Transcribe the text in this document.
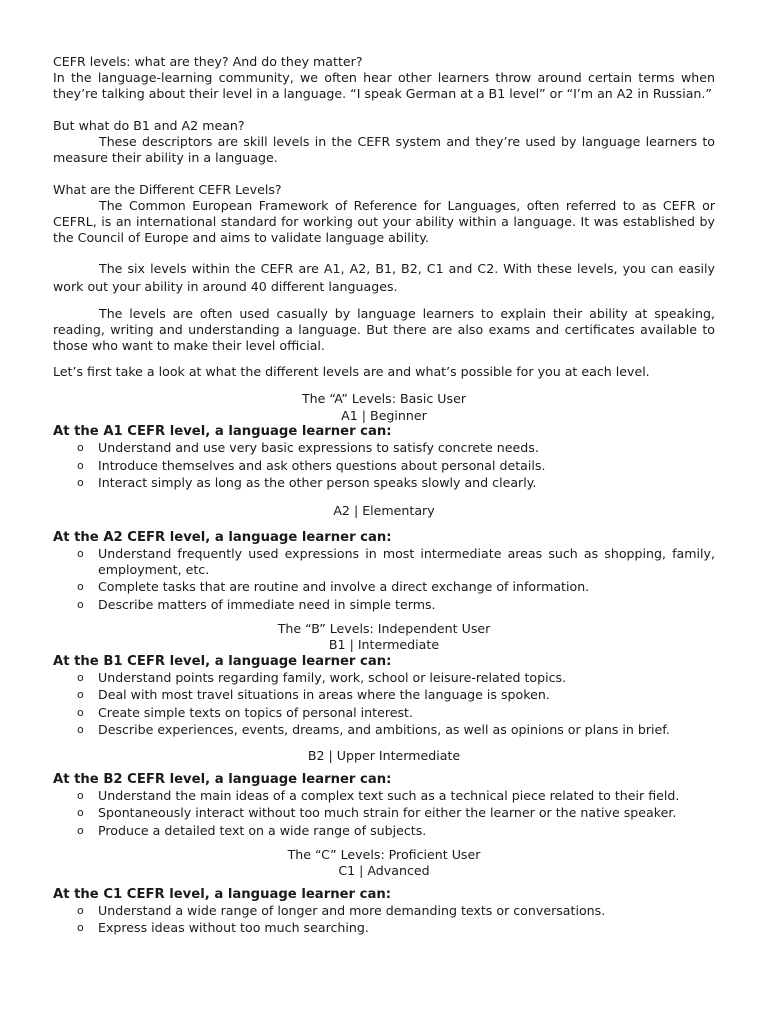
CEFR levels: what are they? And do they matter?

In the language-learning community, we often hear other learners throw around certain terms when they’re talking about their level in a language. “I speak German at a B1 level” or “I’m an A2 in Russian.”

But what do B1 and A2 mean?

These descriptors are skill levels in the CEFR system and they’re used by language learners to measure their ability in a language.

What are the Different CEFR Levels?

The Common European Framework of Reference for Languages, often referred to as CEFR or CEFRL, is an international standard for working out your ability within a language. It was established by the Council of Europe and aims to validate language ability.

The six levels within the CEFR are A1, A2, B1, B2, C1 and C2. With these levels, you can easily work out your ability in around 40 different languages.

The levels are often used casually by language learners to explain their ability at speaking, reading, writing and understanding a language. But there are also exams and certificates available to those who want to make their level official.

Let’s first take a look at what the different levels are and what’s possible for you at each level.

The “A” Levels: Basic User

A1 | Beginner

At the A1 CEFR level, a language learner can:

o Understand and use very basic expressions to satisfy concrete needs.
o Introduce themselves and ask others questions about personal details.
o Interact simply as long as the other person speaks slowly and clearly.

A2 | Elementary

At the A2 CEFR level, a language learner can:

o Understand frequently used expressions in most intermediate areas such as shopping, family, employment, etc.
o Complete tasks that are routine and involve a direct exchange of information.
o Describe matters of immediate need in simple terms.

The “B” Levels: Independent User

B1 | Intermediate

At the B1 CEFR level, a language learner can:

o Understand points regarding family, work, school or leisure-related topics.
o Deal with most travel situations in areas where the language is spoken.
o Create simple texts on topics of personal interest.
o Describe experiences, events, dreams, and ambitions, as well as opinions or plans in brief.

B2 | Upper Intermediate

At the B2 CEFR level, a language learner can:

o Understand the main ideas of a complex text such as a technical piece related to their field.
o Spontaneously interact without too much strain for either the learner or the native speaker.
o Produce a detailed text on a wide range of subjects.

The “C” Levels: Proficient User

C1 | Advanced

At the C1 CEFR level, a language learner can:

o Understand a wide range of longer and more demanding texts or conversations.
o Express ideas without too much searching.
